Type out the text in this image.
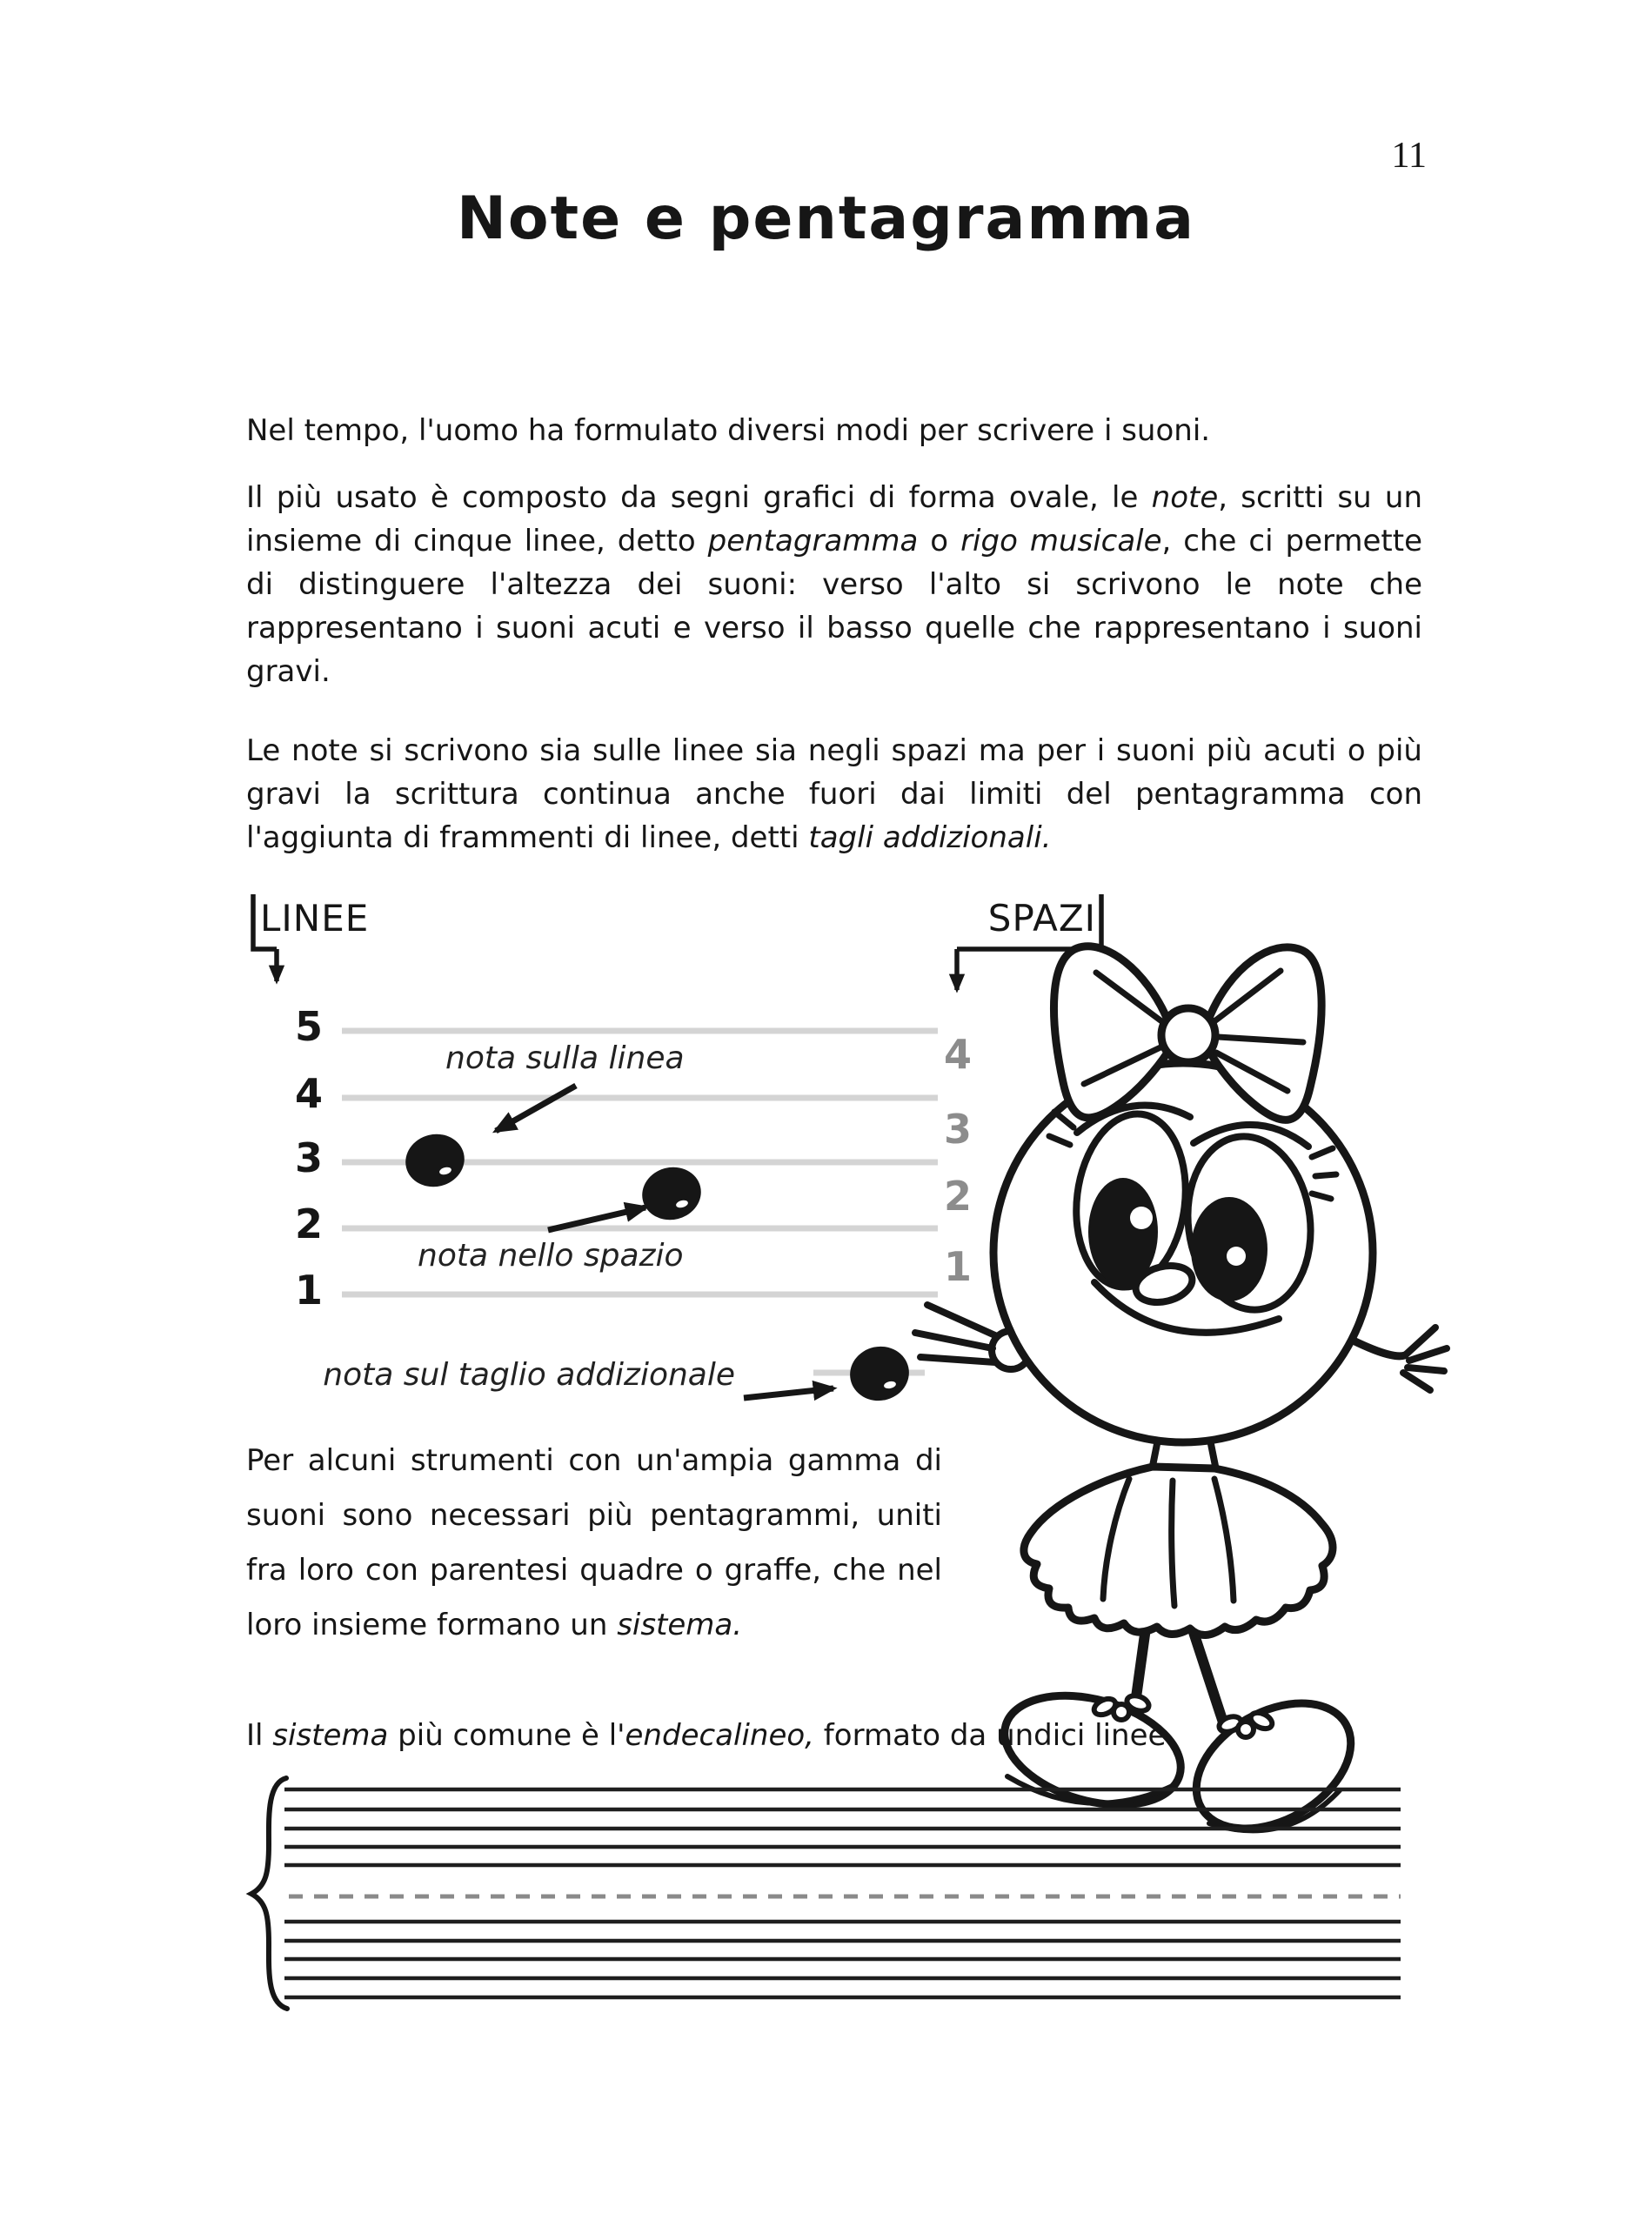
11
Note e pentagramma

Nel tempo, l'uomo ha formulato diversi modi per scrivere i suoni.

Il più usato è composto da segni grafici di forma ovale, le note, scritti su un insieme di cinque linee, detto pentagramma o rigo musicale, che ci permette di distinguere l'altezza dei suoni: verso l'alto si scrivono le note che rappresentano i suoni acuti e verso il basso quelle che rappresentano i suoni gravi.

Le note si scrivono sia sulle linee sia negli spazi ma per i suoni più acuti o più gravi la scrittura continua anche fuori dai limiti del pentagramma con l'aggiunta di frammenti di linee, detti tagli addizionali.

LINEE	SPAZI
5
4
3
2
1
4
3
2
1
nota sulla linea
nota nello spazio
nota sul taglio addizionale

Per alcuni strumenti con un'ampia gamma di suoni sono necessari più pentagrammi, uniti fra loro con parentesi quadre o graffe, che nel loro insieme formano un sistema.

Il sistema più comune è l'endecalineo, formato da undici linee.
